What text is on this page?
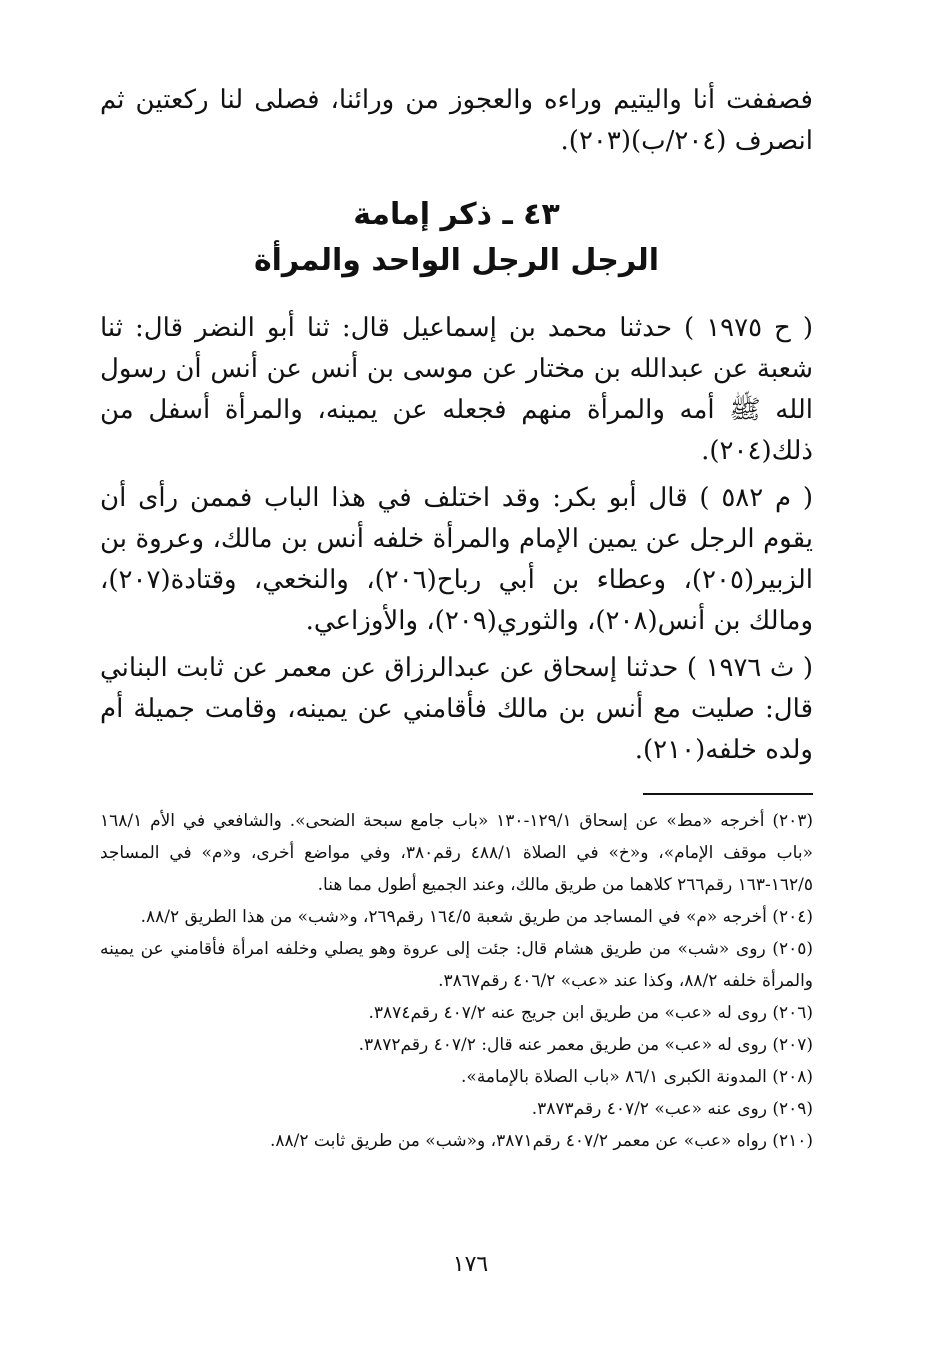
فصففت أنا واليتيم وراءه والعجوز من ورائنا، فصلى لنا ركعتين ثم انصرف (٢٠٤/ب)(٢٠٣).

٤٣ ـ ذكر إمامة
الرجل الرجل الواحد والمرأة

( ح ١٩٧٥ ) حدثنا محمد بن إسماعيل قال: ثنا أبو النضر قال: ثنا شعبة عن عبدالله بن مختار عن موسى بن أنس عن أنس أن رسول الله ﷺ أمه والمرأة منهم فجعله عن يمينه، والمرأة أسفل من ذلك(٢٠٤).

( م ٥٨٢ ) قال أبو بكر: وقد اختلف في هذا الباب فممن رأى أن يقوم الرجل عن يمين الإمام والمرأة خلفه أنس بن مالك، وعروة بن الزبير(٢٠٥)، وعطاء بن أبي رباح(٢٠٦)، والنخعي، وقتادة(٢٠٧)، ومالك بن أنس(٢٠٨)، والثوري(٢٠٩)، والأوزاعي.

( ث ١٩٧٦ ) حدثنا إسحاق عن عبدالرزاق عن معمر عن ثابت البناني قال: صليت مع أنس بن مالك فأقامني عن يمينه، وقامت جميلة أم ولده خلفه(٢١٠).

(٢٠٣) أخرجه «مط» عن إسحاق ١٢٩/١-١٣٠ «باب جامع سبحة الضحى». والشافعي في الأم ١٦٨/١ «باب موقف الإمام»، و«خ» في الصلاة ٤٨٨/١ رقم٣٨٠، وفي مواضع أخرى، و«م» في المساجد ١٦٢/٥-١٦٣ رقم٢٦٦ كلاهما من طريق مالك، وعند الجميع أطول مما هنا.

(٢٠٤) أخرجه «م» في المساجد من طريق شعبة ١٦٤/٥ رقم٢٦٩، و«شب» من هذا الطريق ٨٨/٢.

(٢٠٥) روى «شب» من طريق هشام قال: جئت إلى عروة وهو يصلي وخلفه امرأة فأقامني عن يمينه والمرأة خلفه ٨٨/٢، وكذا عند «عب» ٤٠٦/٢ رقم٣٨٦٧.

(٢٠٦) روى له «عب» من طريق ابن جريج عنه ٤٠٧/٢ رقم٣٨٧٤.

(٢٠٧) روى له «عب» من طريق معمر عنه قال: ٤٠٧/٢ رقم٣٨٧٢.

(٢٠٨) المدونة الكبرى ٨٦/١ «باب الصلاة بالإمامة».

(٢٠٩) روى عنه «عب» ٤٠٧/٢ رقم٣٨٧٣.

(٢١٠) رواه «عب» عن معمر ٤٠٧/٢ رقم٣٨٧١، و«شب» من طريق ثابت ٨٨/٢.

١٧٦
